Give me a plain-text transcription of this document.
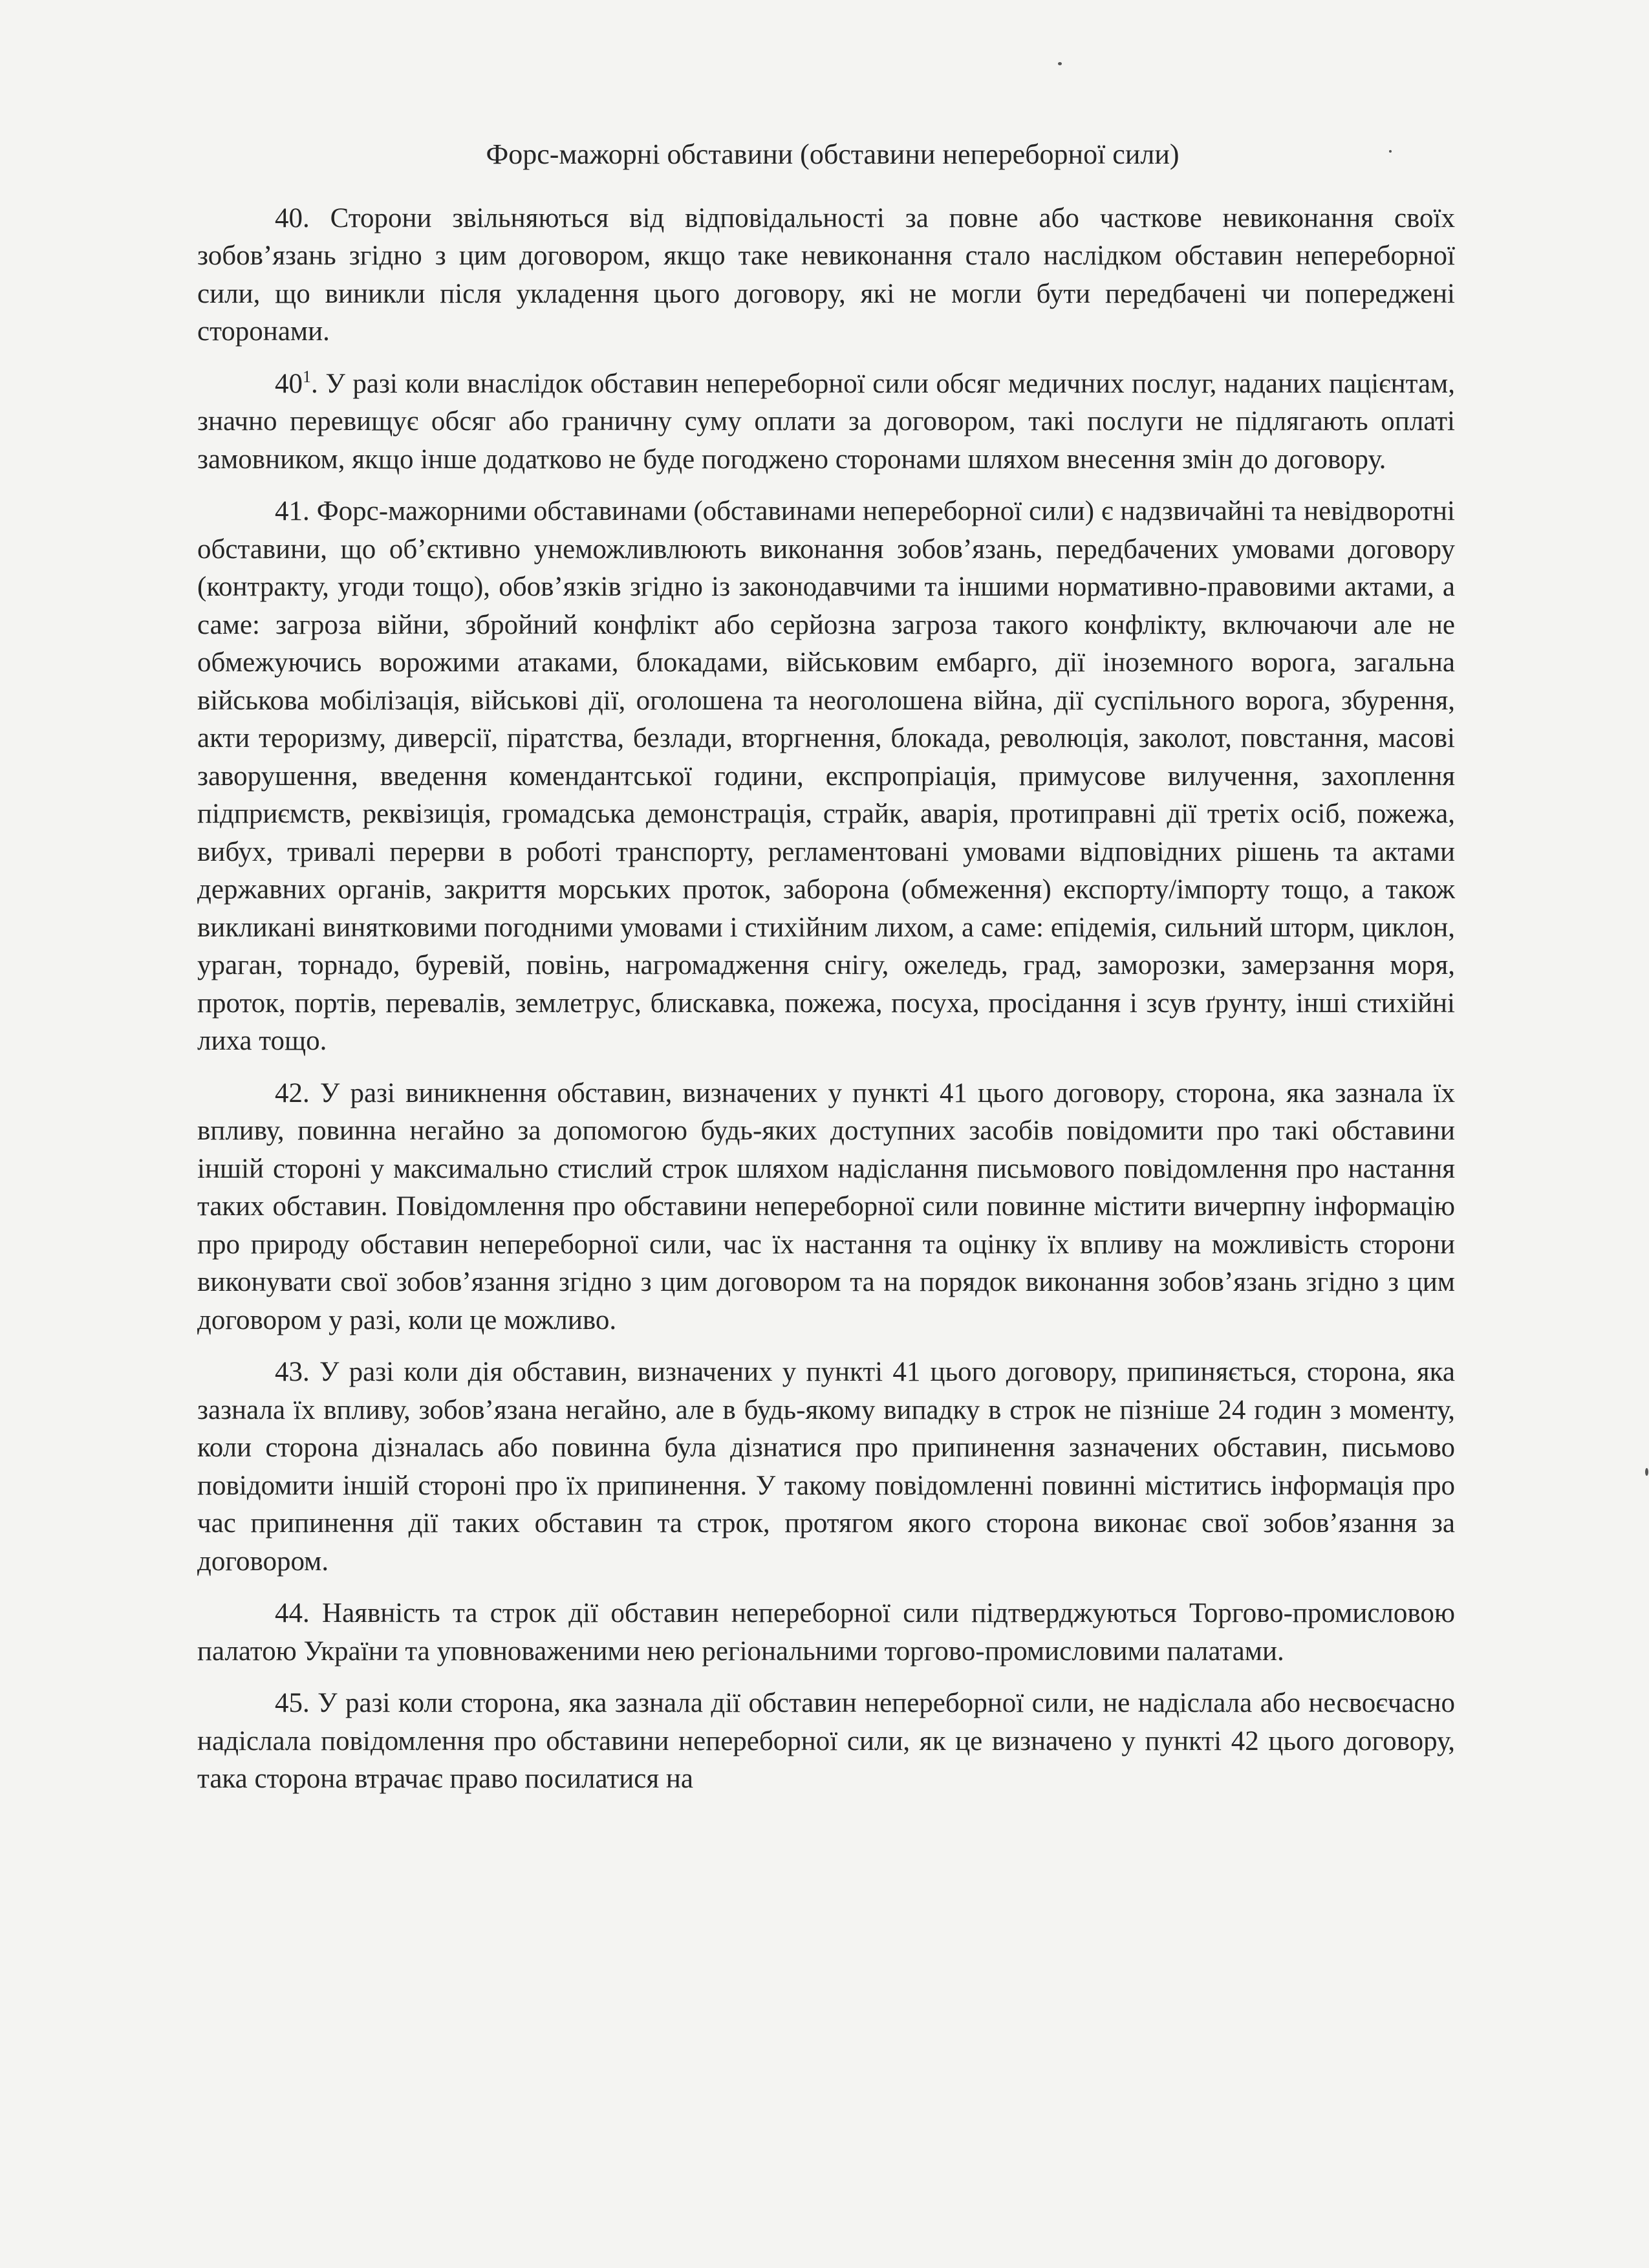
Форс-мажорні обставини (обставини непереборної сили)

40. Сторони звільняються від відповідальності за повне або часткове невиконання своїх зобов’язань згідно з цим договором, якщо таке невиконання стало наслідком обставин непереборної сили, що виникли після укладення цього договору, які не могли бути передбачені чи попереджені сторонами.

$40^1$. У разі коли внаслідок обставин непереборної сили обсяг медичних послуг, наданих пацієнтам, значно перевищує обсяг або граничну суму оплати за договором, такі послуги не підлягають оплаті замовником, якщо інше додатково не буде погоджено сторонами шляхом внесення змін до договору.

41. Форс-мажорними обставинами (обставинами непереборної сили) є надзвичайні та невідворотні обставини, що об’єктивно унеможливлюють виконання зобов’язань, передбачених умовами договору (контракту, угоди тощо), обов’язків згідно із законодавчими та іншими нормативно-правовими актами, а саме: загроза війни, збройний конфлікт або серйозна загроза такого конфлікту, включаючи але не обмежуючись ворожими атаками, блокадами, військовим ембарго, дії іноземного ворога, загальна військова мобілізація, військові дії, оголошена та неоголошена війна, дії суспільного ворога, збурення, акти тероризму, диверсії, піратства, безлади, вторгнення, блокада, революція, заколот, повстання, масові заворушення, введення комендантської години, експропріація, примусове вилучення, захоплення підприємств, реквізиція, громадська демонстрація, страйк, аварія, протиправні дії третіх осіб, пожежа, вибух, тривалі перерви в роботі транспорту, регламентовані умовами відповідних рішень та актами державних органів, закриття морських проток, заборона (обмеження) експорту/імпорту тощо, а також викликані винятковими погодними умовами і стихійним лихом, а саме: епідемія, сильний шторм, циклон, ураган, торнадо, буревій, повінь, нагромадження снігу, ожеледь, град, заморозки, замерзання моря, проток, портів, перевалів, землетрус, блискавка, пожежа, посуха, просідання і зсув ґрунту, інші стихійні лиха тощо.

42. У разі виникнення обставин, визначених у пункті 41 цього договору, сторона, яка зазнала їх впливу, повинна негайно за допомогою будь-яких доступних засобів повідомити про такі обставини іншій стороні у максимально стислий строк шляхом надіслання письмового повідомлення про настання таких обставин. Повідомлення про обставини непереборної сили повинне містити вичерпну інформацію про природу обставин непереборної сили, час їх настання та оцінку їх впливу на можливість сторони виконувати свої зобов’язання згідно з цим договором та на порядок виконання зобов’язань згідно з цим договором у разі, коли це можливо.

43. У разі коли дія обставин, визначених у пункті 41 цього договору, припиняється, сторона, яка зазнала їх впливу, зобов’язана негайно, але в будь-якому випадку в строк не пізніше 24 годин з моменту, коли сторона дізналась або повинна була дізнатися про припинення зазначених обставин, письмово повідомити іншій стороні про їх припинення. У такому повідомленні повинні міститись інформація про час припинення дії таких обставин та строк, протягом якого сторона виконає свої зобов’язання за договором.

44. Наявність та строк дії обставин непереборної сили підтверджуються Торгово-промисловою палатою України та уповноваженими нею регіональними торгово-промисловими палатами.

45. У разі коли сторона, яка зазнала дії обставин непереборної сили, не надіслала або несвоєчасно надіслала повідомлення про обставини непереборної сили, як це визначено у пункті 42 цього договору, така сторона втрачає право посилатися на
